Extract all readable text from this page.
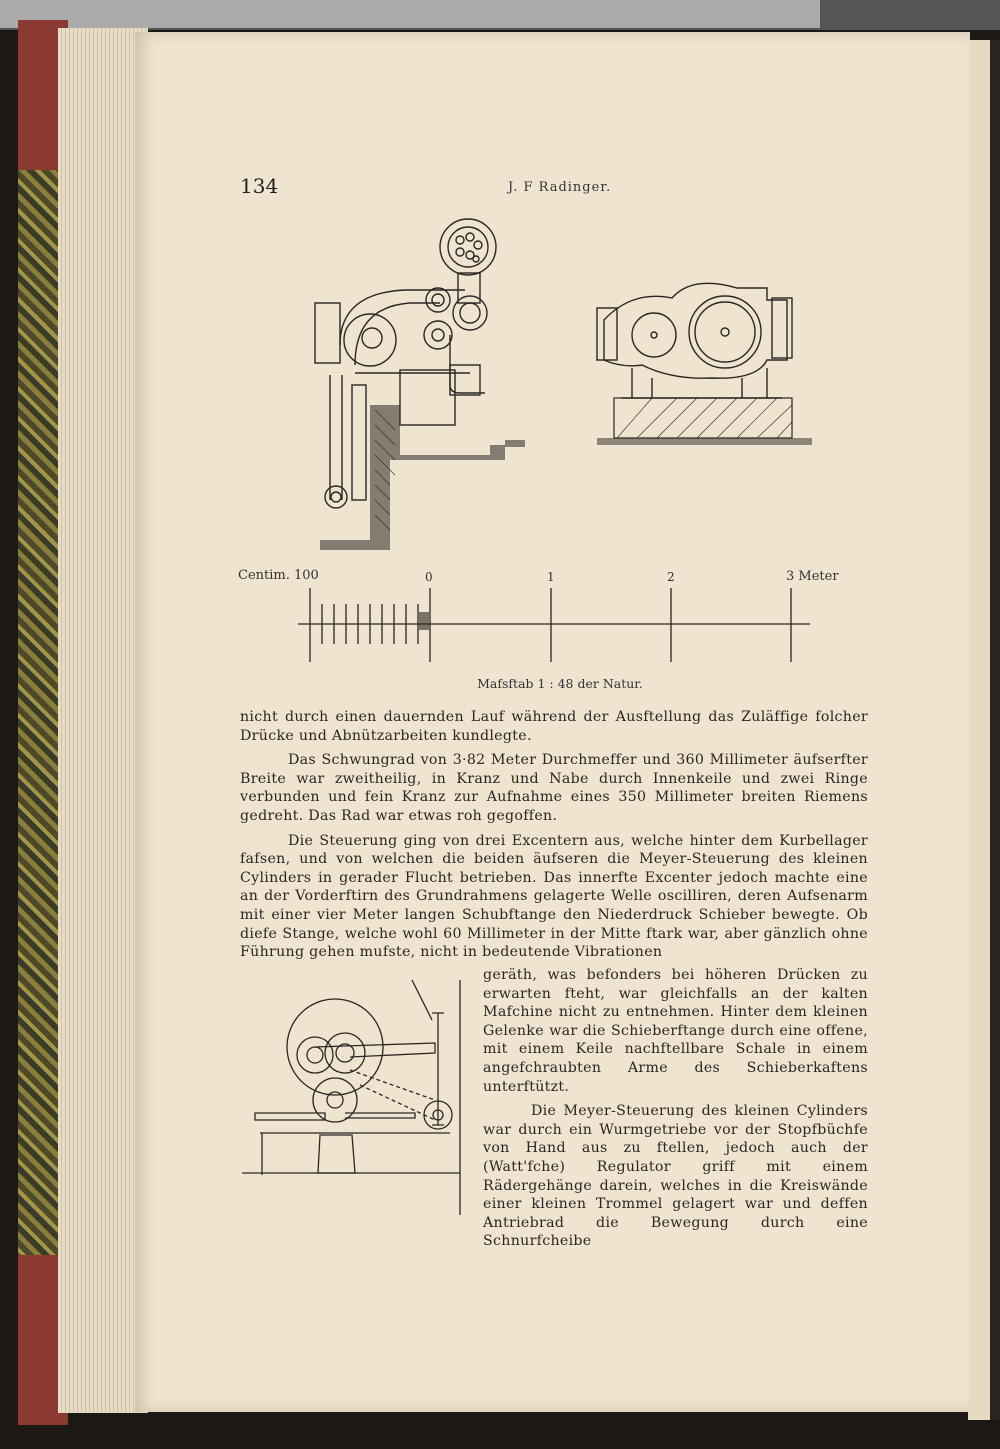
134	J. F Radinger.
Centim. 100	0	1	2	3 Meter
Mafsftab 1 : 48 der Natur.

nicht durch einen dauernden Lauf während der Ausftellung das Zuläffige folcher Drücke und Abnützarbeiten kundlegte.

Das Schwungrad von 3·82 Meter Durchmeffer und 360 Millimeter äufserfter Breite war zweitheilig, in Kranz und Nabe durch Innenkeile und zwei Ringe verbunden und fein Kranz zur Aufnahme eines 350 Millimeter breiten Riemens gedreht. Das Rad war etwas roh gegoffen.

Die Steuerung ging von drei Excentern aus, welche hinter dem Kurbellager fafsen, und von welchen die beiden äufseren die Meyer-Steuerung des kleinen Cylinders in gerader Flucht betrieben. Das innerfte Excenter jedoch machte eine an der Vorderftirn des Grundrahmens gelagerte Welle oscilliren, deren Aufsenarm mit einer vier Meter langen Schubftange den Niederdruck Schieber bewegte. Ob diefe Stange, welche wohl 60 Millimeter in der Mitte ftark war, aber gänzlich ohne Führung gehen mufste, nicht in bedeutende Vibrationen

geräth, was befonders bei höheren Drücken zu erwarten fteht, war gleichfalls an der kalten Mafchine nicht zu entnehmen. Hinter dem kleinen Gelenke war die Schieberftange durch eine offene, mit einem Keile nachftellbare Schale in einem angefchraubten Arme des Schieberkaftens unterftützt.

Die Meyer-Steuerung des kleinen Cylinders war durch ein Wurmgetriebe vor der Stopfbüchfe von Hand aus zu ftellen, jedoch auch der (Watt'fche) Regulator griff mit einem Rädergehänge darein, welches in die Kreiswände einer kleinen Trommel gelagert war und deffen Antriebrad die Bewegung durch eine Schnurfcheibe
